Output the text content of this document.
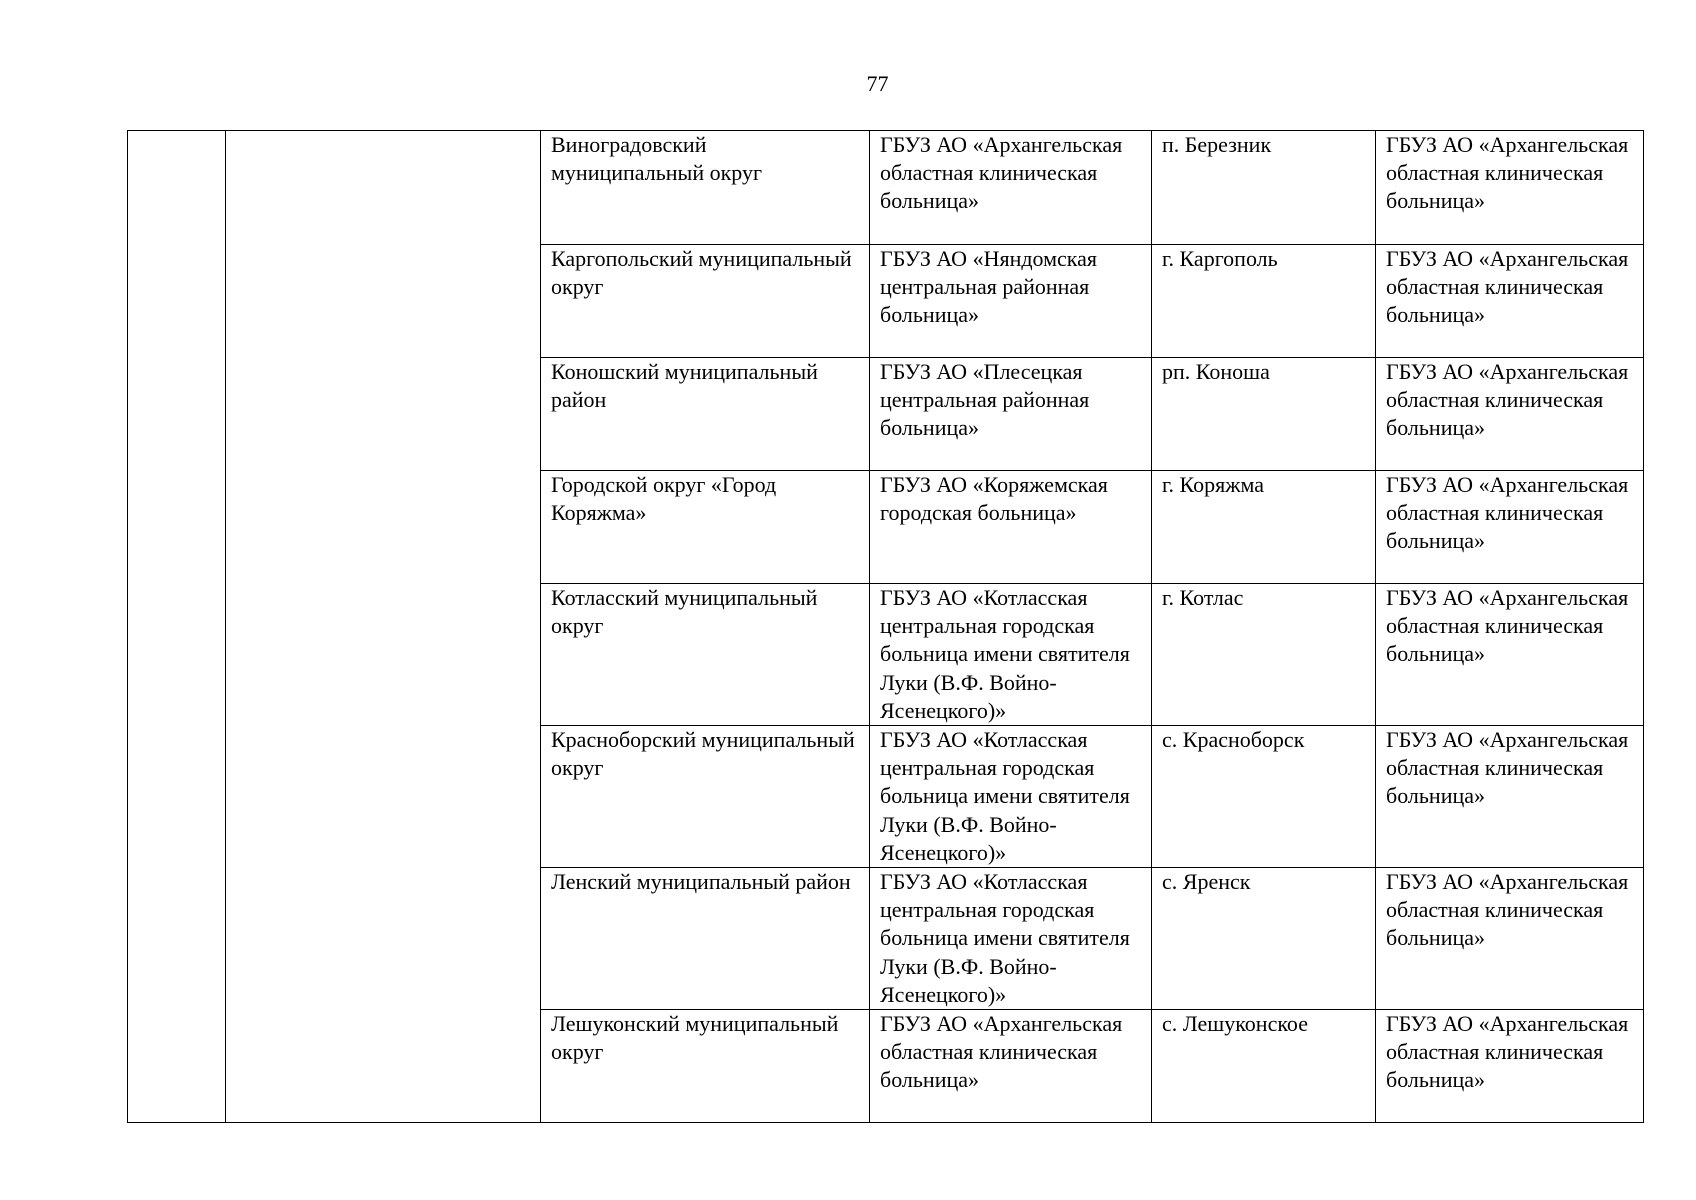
77

		Виноградовский муниципальный округ	ГБУЗ АО «Архангельская областная клиническая больница»	п. Березник	ГБУЗ АО «Архангельская областная клиническая больница»

		Каргопольский муниципальный округ	ГБУЗ АО «Няндомская центральная районная больница»	г. Каргополь	ГБУЗ АО «Архангельская областная клиническая больница»

		Коношский муниципальный район	ГБУЗ АО «Плесецкая центральная районная больница»	рп. Коноша	ГБУЗ АО «Архангельская областная клиническая больница»

		Городской округ «Город Коряжма»	ГБУЗ АО «Коряжемская городская больница»	г. Коряжма	ГБУЗ АО «Архангельская областная клиническая больница»

		Котласский муниципальный округ	ГБУЗ АО «Котласская центральная городская больница имени святителя Луки (В.Ф. Войно-Ясенецкого)»	г. Котлас	ГБУЗ АО «Архангельская областная клиническая больница»

		Красноборский муниципальный округ	ГБУЗ АО «Котласская центральная городская больница имени святителя Луки (В.Ф. Войно-Ясенецкого)»	с. Красноборск	ГБУЗ АО «Архангельская областная клиническая больница»

		Ленский муниципальный район	ГБУЗ АО «Котласская центральная городская больница имени святителя Луки (В.Ф. Войно-Ясенецкого)»	с. Яренск	ГБУЗ АО «Архангельская областная клиническая больница»

		Лешуконский муниципальный округ	ГБУЗ АО «Архангельская областная клиническая больница»	с. Лешуконское	ГБУЗ АО «Архангельская областная клиническая больница»
